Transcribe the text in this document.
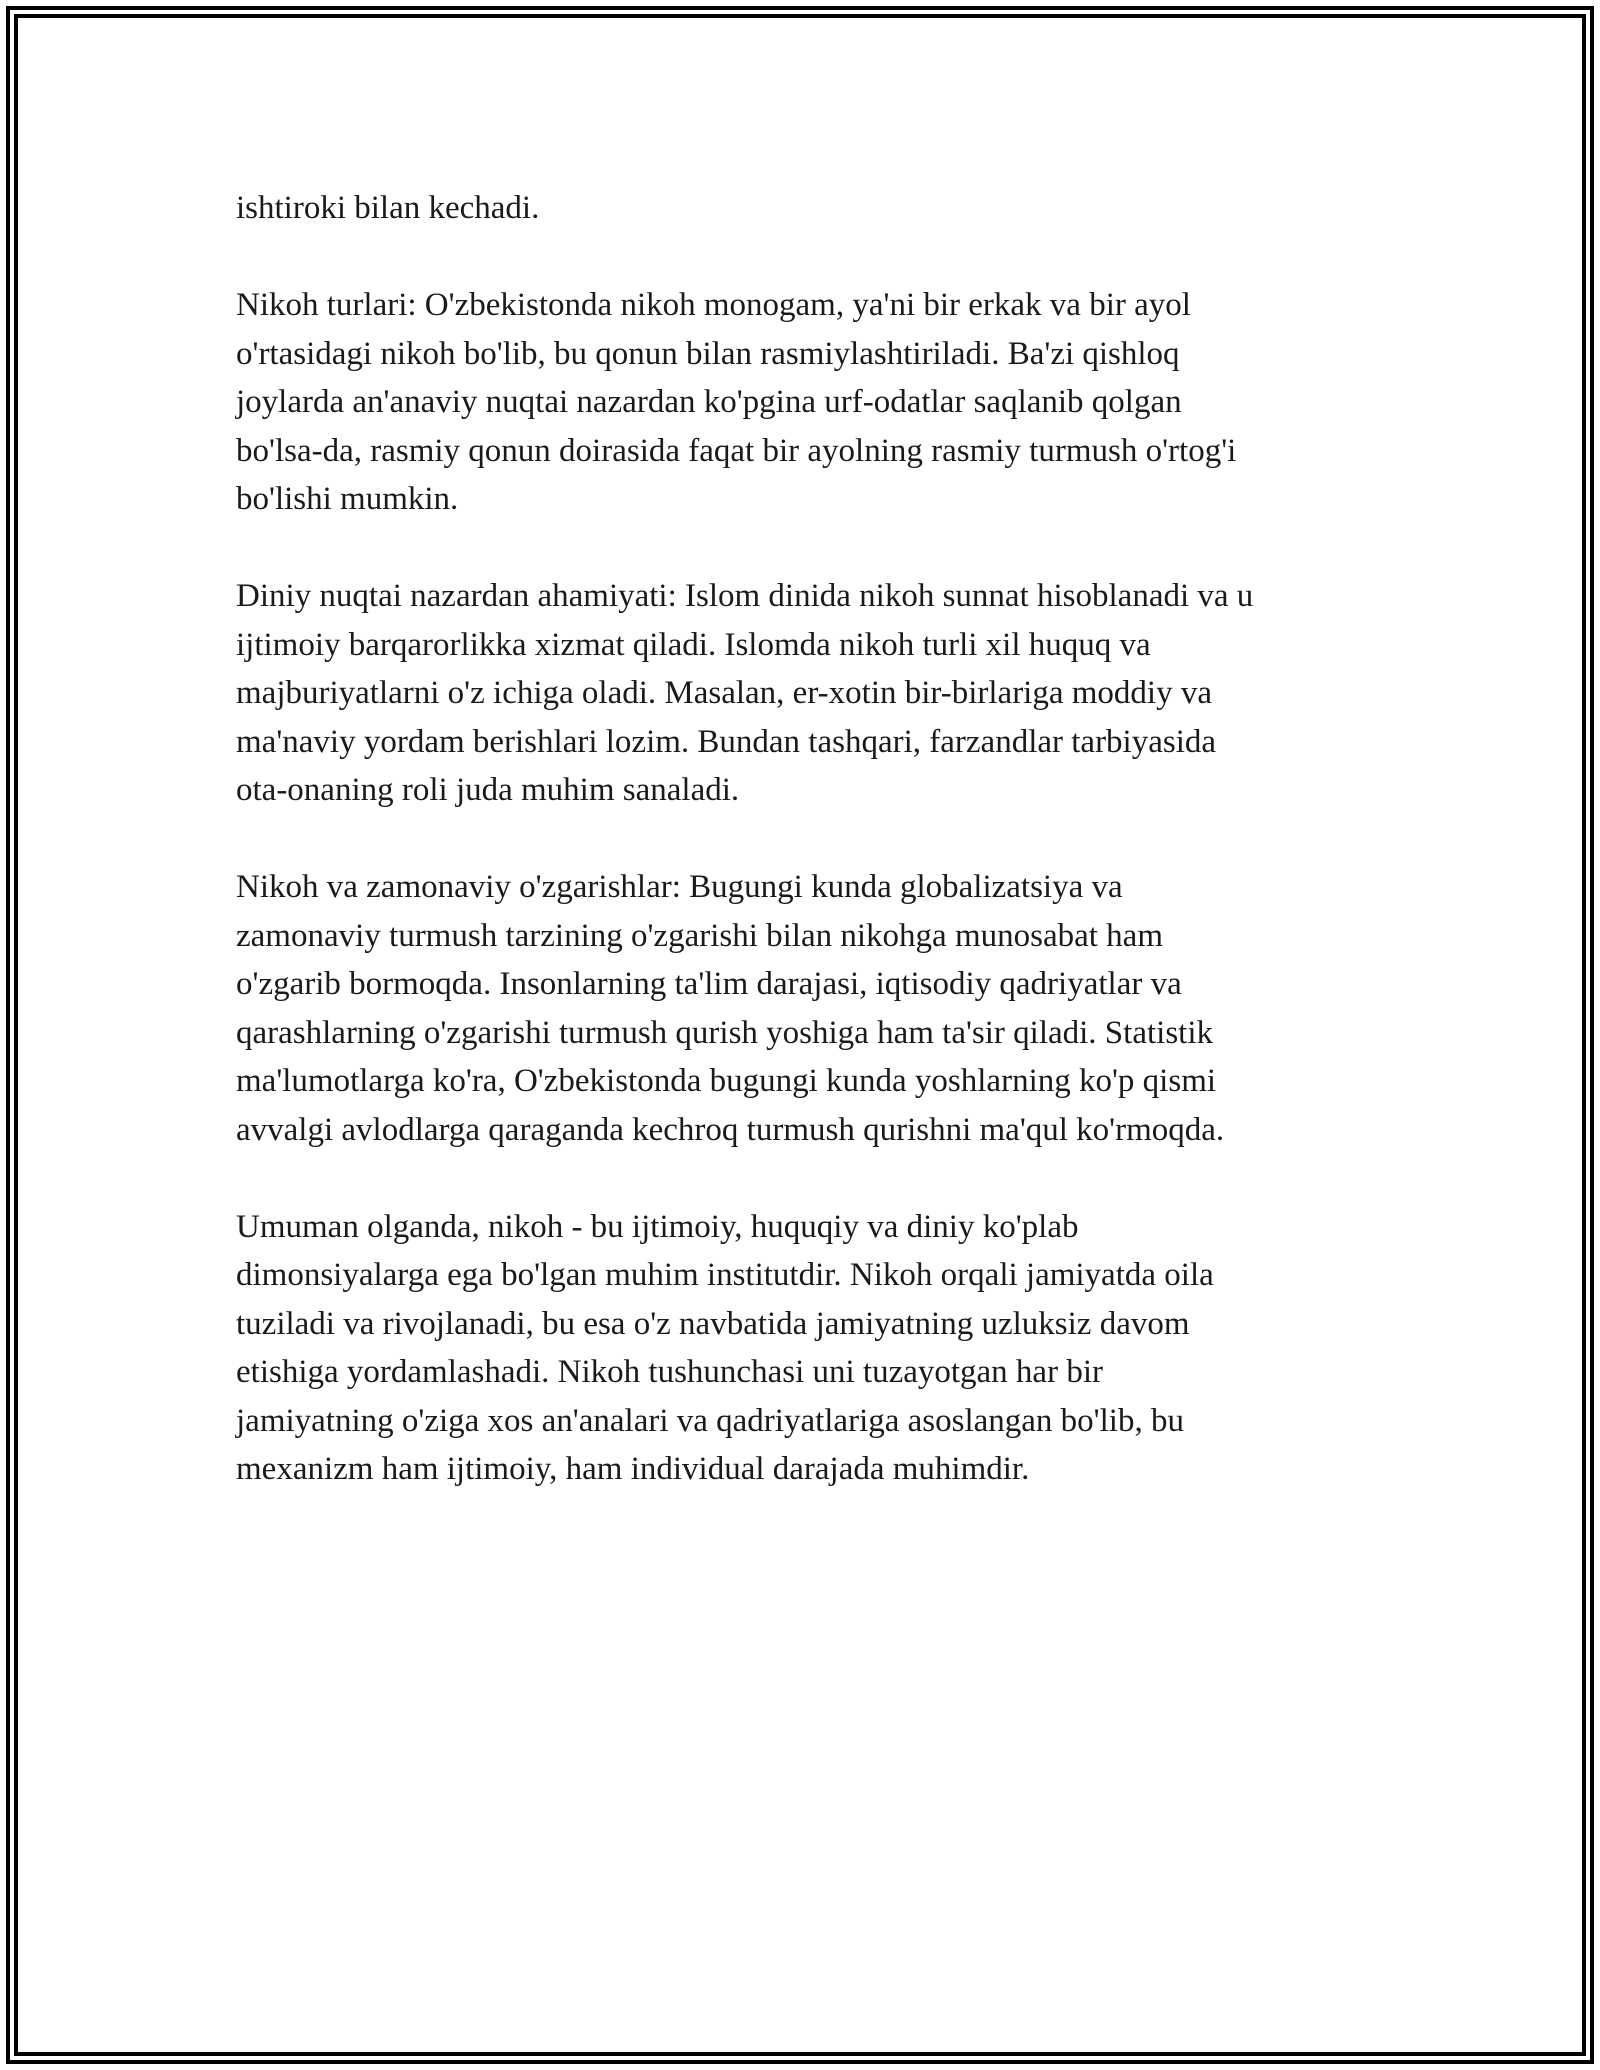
ishtiroki bilan kechadi.

Nikoh turlari: O'zbekistonda nikoh monogam, ya'ni bir erkak va bir ayol
o'rtasidagi nikoh bo'lib, bu qonun bilan rasmiylashtiriladi. Ba'zi qishloq
joylarda an'anaviy nuqtai nazardan ko'pgina urf-odatlar saqlanib qolgan
bo'lsa-da, rasmiy qonun doirasida faqat bir ayolning rasmiy turmush o'rtog'i
bo'lishi mumkin.

Diniy nuqtai nazardan ahamiyati: Islom dinida nikoh sunnat hisoblanadi va u
ijtimoiy barqarorlikka xizmat qiladi. Islomda nikoh turli xil huquq va
majburiyatlarni o'z ichiga oladi. Masalan, er-xotin bir-birlariga moddiy va
ma'naviy yordam berishlari lozim. Bundan tashqari, farzandlar tarbiyasida
ota-onaning roli juda muhim sanaladi.

Nikoh va zamonaviy o'zgarishlar: Bugungi kunda globalizatsiya va
zamonaviy turmush tarzining o'zgarishi bilan nikohga munosabat ham
o'zgarib bormoqda. Insonlarning ta'lim darajasi, iqtisodiy qadriyatlar va
qarashlarning o'zgarishi turmush qurish yoshiga ham ta'sir qiladi. Statistik
ma'lumotlarga ko'ra, O'zbekistonda bugungi kunda yoshlarning ko'p qismi
avvalgi avlodlarga qaraganda kechroq turmush qurishni ma'qul ko'rmoqda.

Umuman olganda, nikoh - bu ijtimoiy, huquqiy va diniy ko'plab
dimonsiyalarga ega bo'lgan muhim institutdir. Nikoh orqali jamiyatda oila
tuziladi va rivojlanadi, bu esa o'z navbatida jamiyatning uzluksiz davom
etishiga yordamlashadi. Nikoh tushunchasi uni tuzayotgan har bir
jamiyatning o'ziga xos an'analari va qadriyatlariga asoslangan bo'lib, bu
mexanizm ham ijtimoiy, ham individual darajada muhimdir.
